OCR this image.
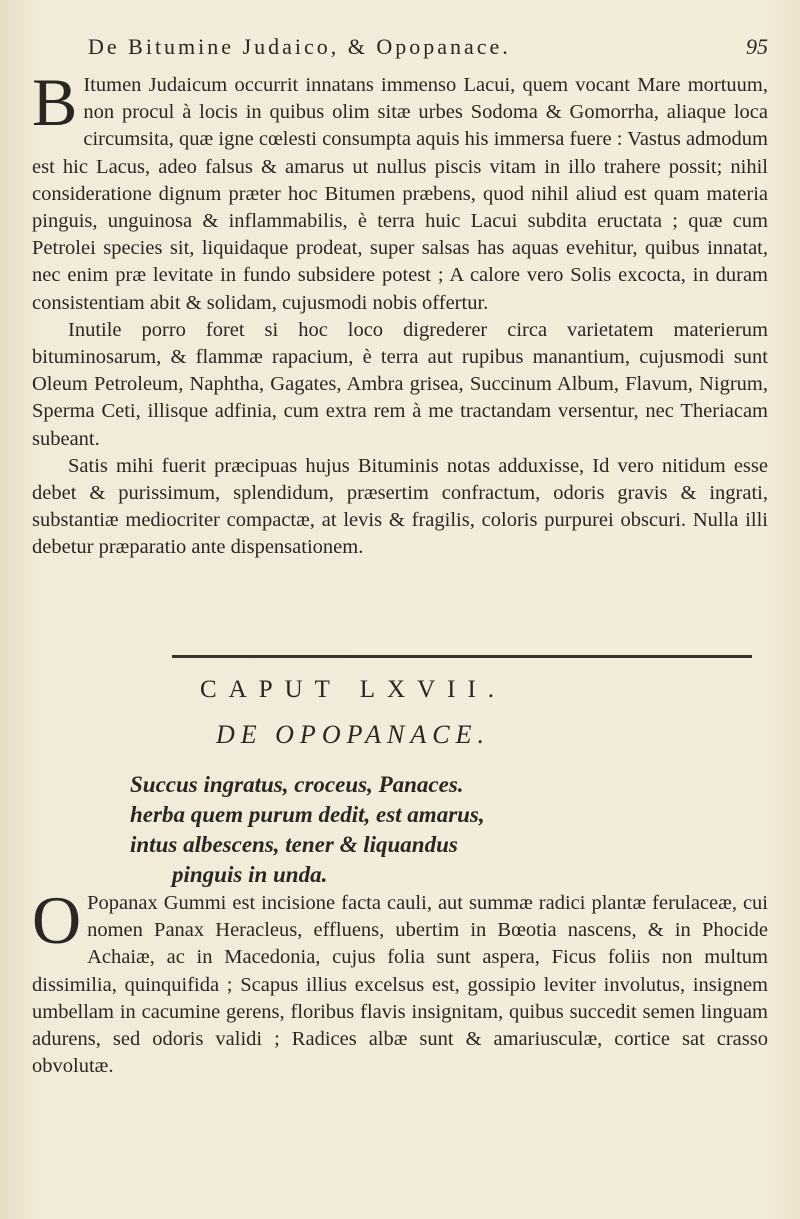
De Bitumine Judaico, & Opopanace.	95

B Itumen Judaicum occurrit innatans immenso Lacui, quem vocant Mare mortuum, non procul à locis in quibus olim sitæ urbes Sodoma & Gomorrha, aliaque loca circumsita, quæ igne cœlesti consumpta aquis his immersa fuere : Vastus admodum est hic Lacus, adeo falsus & amarus ut nullus piscis vitam in illo trahere possit; nihil consideratione dignum præter hoc Bitumen præbens, quod nihil aliud est quam materia pinguis, unguinosa & inflammabilis, è terra huic Lacui subdita eructata ; quæ cum Petrolei species sit, liquidaque prodeat, super salsas has aquas evehitur, quibus innatat, nec enim præ levitate in fundo subsidere potest ; A calore vero Solis excocta, in duram consistentiam abit & solidam, cujusmodi nobis offertur.

Inutile porro foret si hoc loco digrederer circa varietatem materierum bituminosarum, & flammæ rapacium, è terra aut rupibus manantium, cujusmodi sunt Oleum Petroleum, Naphtha, Gagates, Ambra grisea, Succinum Album, Flavum, Nigrum, Sperma Ceti, illisque adfinia, cum extra rem à me tractandam versentur, nec Theriacam subeant.

Satis mihi fuerit præcipuas hujus Bituminis notas adduxisse, Id vero nitidum esse debet & purissimum, splendidum, præsertim confractum, odoris gravis & ingrati, substantiæ mediocriter compactæ, at levis & fragilis, coloris purpurei obscuri. Nulla illi debetur præparatio ante dispensationem.

CAPUT LXVII.
DE OPOPANACE.
Succus ingratus, croceus, Panaces.
herba quem purum dedit, est amarus,
intus albescens, tener & liquandus
pinguis in unda.

O Popanax Gummi est incisione facta cauli, aut summæ radici plantæ ferulaceæ, cui nomen Panax Heracleus, effluens, ubertim in Bœotia nascens, & in Phocide Achaiæ, ac in Macedonia, cujus folia sunt aspera, Ficus foliis non multum dissimilia, quinquifida ; Scapus illius excelsus est, gossipio leviter involutus, insignem umbellam in cacumine gerens, floribus flavis insignitam, quibus succedit semen linguam adurens, sed odoris validi ; Radices albæ sunt & amariusculæ, cortice sat crasso obvolutæ.
